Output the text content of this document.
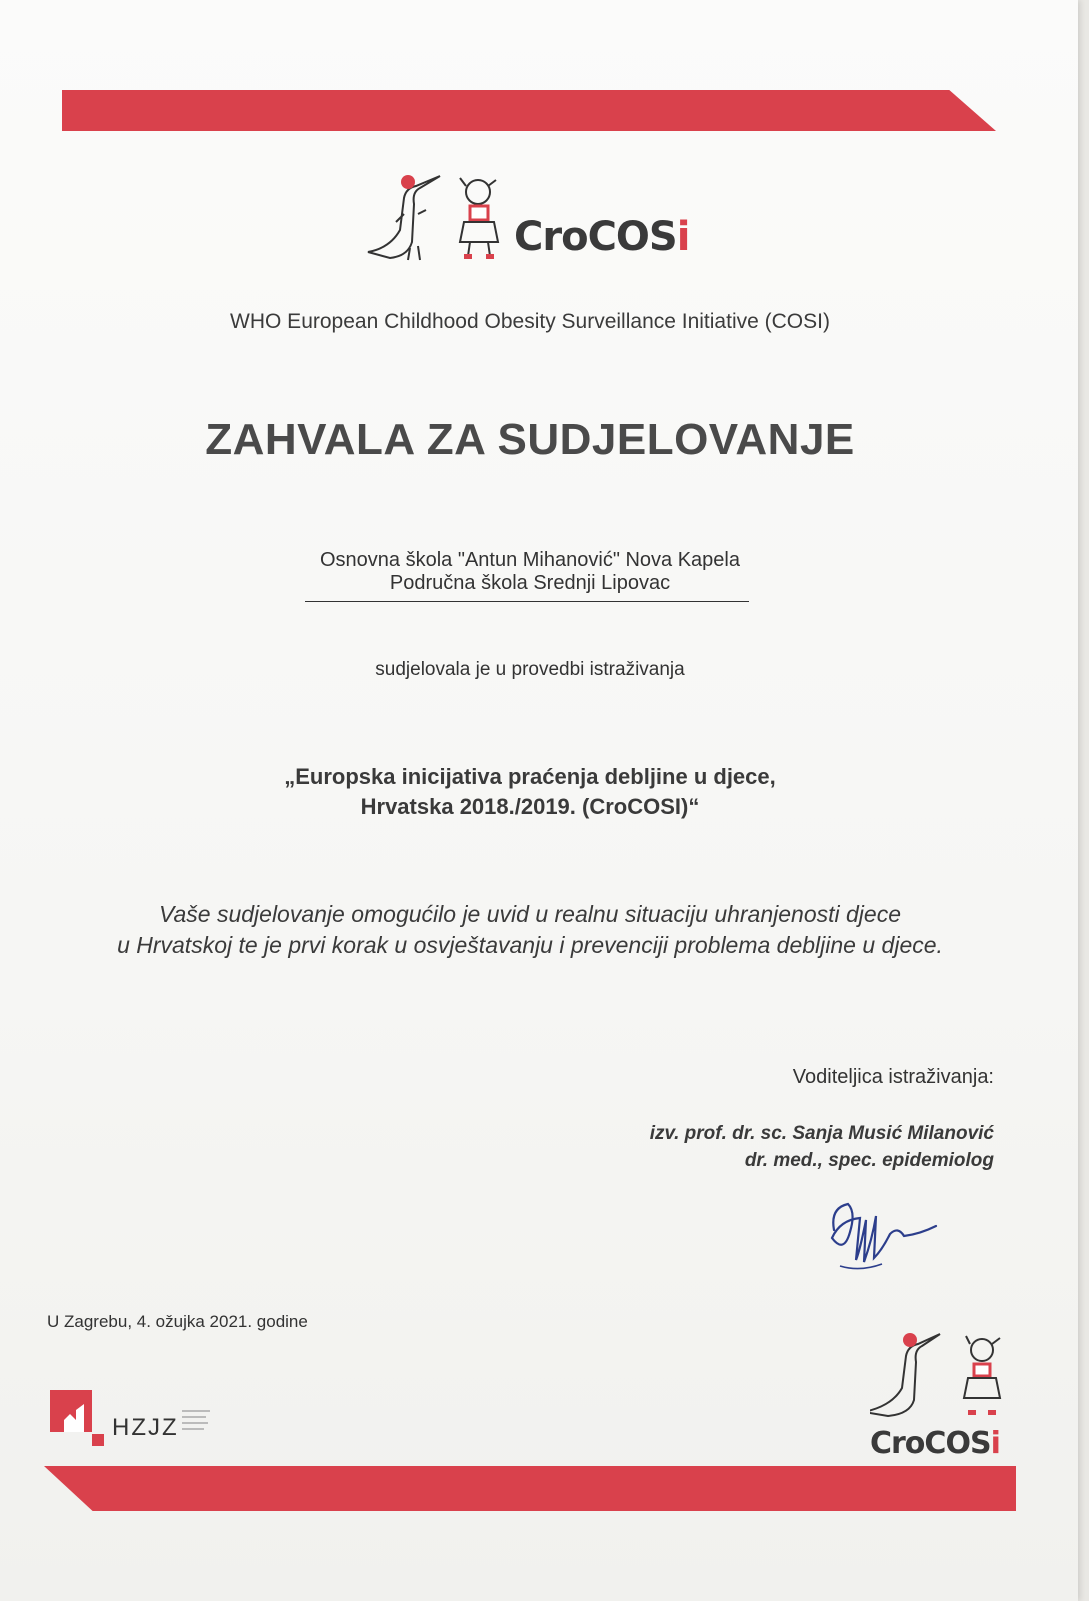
CroCOSi
WHO European Childhood Obesity Surveillance Initiative (COSI)
ZAHVALA ZA SUDJELOVANJE
Osnovna škola "Antun Mihanović" Nova Kapela
Područna škola Srednji Lipovac
sudjelovala je u provedbi istraživanja
„Europska inicijativa praćenja debljine u djece,
Hrvatska 2018./2019. (CroCOSI)“
Vaše sudjelovanje omogućilo je uvid u realnu situaciju uhranjenosti djece
u Hrvatskoj te je prvi korak u osvještavanju i prevenciji problema debljine u djece.
Voditeljica istraživanja:
izv. prof. dr. sc. Sanja Musić Milanović
dr. med., spec. epidemiolog
U Zagrebu, 4. ožujka 2021. godine
HZJZ	CroCOSi
